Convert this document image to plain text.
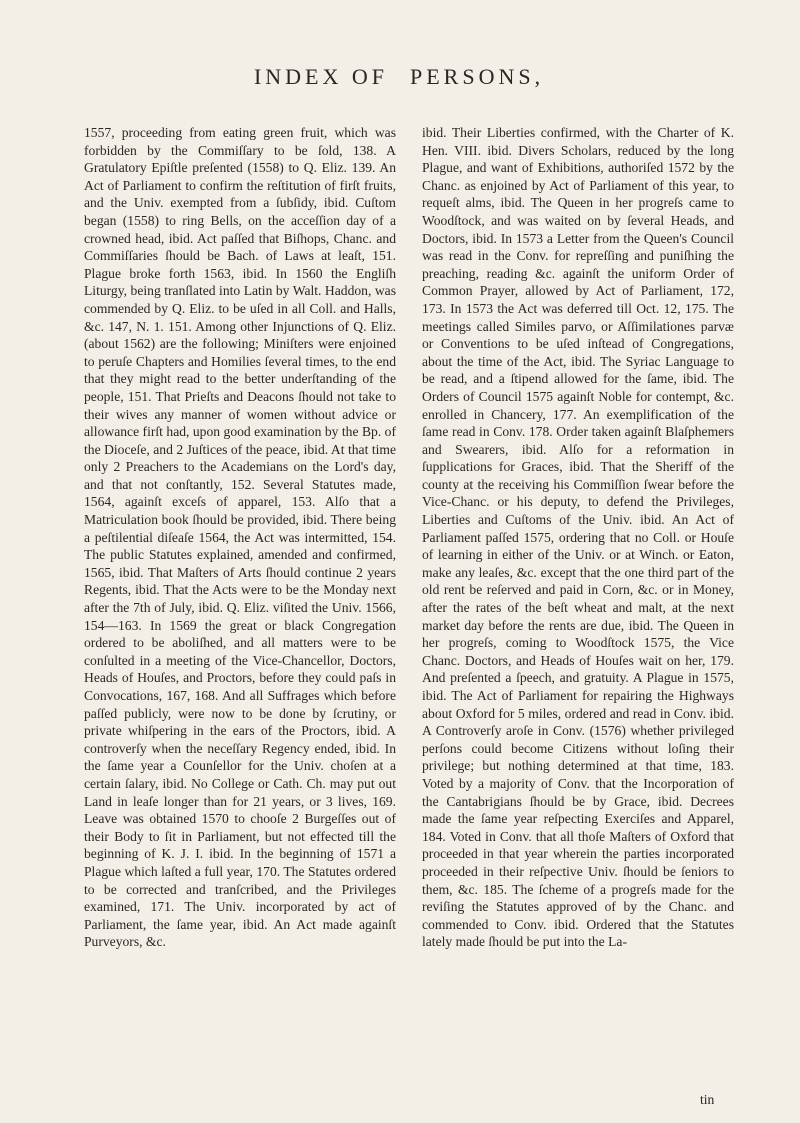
INDEX OF PERSONS,

1557, proceeding from eating green fruit, which was forbidden by the Commiſſary to be ſold, 138. A Gratulatory Epiſtle preſented (1558) to Q. Eliz. 139. An Act of Parliament to confirm the reſtitution of firſt fruits, and the Univ. exempted from a ſubſidy, ibid. Cuſtom began (1558) to ring Bells, on the acceſſion day of a crowned head, ibid. Act paſſed that Biſhops, Chanc. and Commiſſaries ſhould be Bach. of Laws at leaſt, 151. Plague broke forth 1563, ibid. In 1560 the Engliſh Liturgy, being tranſlated into Latin by Walt. Haddon, was commended by Q. Eliz. to be uſed in all Coll. and Halls, &c. 147, N. 1. 151. Among other Injunctions of Q. Eliz. (about 1562) are the following; Miniſters were enjoined to peruſe Chapters and Homilies ſeveral times, to the end that they might read to the better underſtanding of the people, 151. That Prieſts and Deacons ſhould not take to their wives any manner of women without advice or allowance firſt had, upon good examination by the Bp. of the Dioceſe, and 2 Juſtices of the peace, ibid. At that time only 2 Preachers to the Academians on the Lord's day, and that not conſtantly, 152. Several Statutes made, 1564, againſt exceſs of apparel, 153. Alſo that a Matriculation book ſhould be provided, ibid. There being a peſtilential diſeaſe 1564, the Act was intermitted, 154. The public Statutes explained, amended and confirmed, 1565, ibid. That Maſters of Arts ſhould continue 2 years Regents, ibid. That the Acts were to be the Monday next after the 7th of July, ibid. Q. Eliz. viſited the Univ. 1566, 154—163. In 1569 the great or black Congregation ordered to be aboliſhed, and all matters were to be conſulted in a meeting of the Vice-Chancellor, Doctors, Heads of Houſes, and Proctors, before they could paſs in Convocations, 167, 168. And all Suffrages which before paſſed publicly, were now to be done by ſcrutiny, or private whiſpering in the ears of the Proctors, ibid. A controverſy when the neceſſary Regency ended, ibid. In the ſame year a Counſellor for the Univ. choſen at a certain ſalary, ibid. No College or Cath. Ch. may put out Land in leaſe longer than for 21 years, or 3 lives, 169. Leave was obtained 1570 to chooſe 2 Burgeſſes out of their Body to ſit in Parliament, but not effected till the beginning of K. J. I. ibid. In the beginning of 1571 a Plague which laſted a full year, 170. The Statutes ordered to be corrected and tranſcribed, and the Privileges examined, 171. The Univ. incorporated by act of Parliament, the ſame year, ibid. An Act made againſt Purveyors, &c.

ibid. Their Liberties confirmed, with the Charter of K. Hen. VIII. ibid. Divers Scholars, reduced by the long Plague, and want of Exhibitions, authoriſed 1572 by the Chanc. as enjoined by Act of Parliament of this year, to requeſt alms, ibid. The Queen in her progreſs came to Woodſtock, and was waited on by ſeveral Heads, and Doctors, ibid. In 1573 a Letter from the Queen's Council was read in the Conv. for repreſſing and puniſhing the preaching, reading &c. againſt the uniform Order of Common Prayer, allowed by Act of Parliament, 172, 173. In 1573 the Act was deferred till Oct. 12, 175. The meetings called Similes parvo, or Aſſimilationes parvæ or Conventions to be uſed inſtead of Congregations, about the time of the Act, ibid. The Syriac Language to be read, and a ſtipend allowed for the ſame, ibid. The Orders of Council 1575 againſt Noble for contempt, &c. enrolled in Chancery, 177. An exemplification of the ſame read in Conv. 178. Order taken againſt Blaſphemers and Swearers, ibid. Alſo for a reformation in ſupplications for Graces, ibid. That the Sheriff of the county at the receiving his Commiſſion ſwear before the Vice-Chanc. or his deputy, to defend the Privileges, Liberties and Cuſtoms of the Univ. ibid. An Act of Parliament paſſed 1575, ordering that no Coll. or Houſe of learning in either of the Univ. or at Winch. or Eaton, make any leaſes, &c. except that the one third part of the old rent be reſerved and paid in Corn, &c. or in Money, after the rates of the beſt wheat and malt, at the next market day before the rents are due, ibid. The Queen in her progreſs, coming to Woodſtock 1575, the Vice Chanc. Doctors, and Heads of Houſes wait on her, 179. And preſented a ſpeech, and gratuity. A Plague in 1575, ibid. The Act of Parliament for repairing the Highways about Oxford for 5 miles, ordered and read in Conv. ibid. A Controverſy aroſe in Conv. (1576) whether privileged perſons could become Citizens without loſing their privilege; but nothing determined at that time, 183. Voted by a majority of Conv. that the Incorporation of the Cantabrigians ſhould be by Grace, ibid. Decrees made the ſame year reſpecting Exerciſes and Apparel, 184. Voted in Conv. that all thoſe Maſters of Oxford that proceeded in that year wherein the parties incorporated proceeded in their reſpective Univ. ſhould be ſeniors to them, &c. 185. The ſcheme of a progreſs made for the reviſing the Statutes approved of by the Chanc. and commended to Conv. ibid. Ordered that the Statutes lately made ſhould be put into the La-

tin
